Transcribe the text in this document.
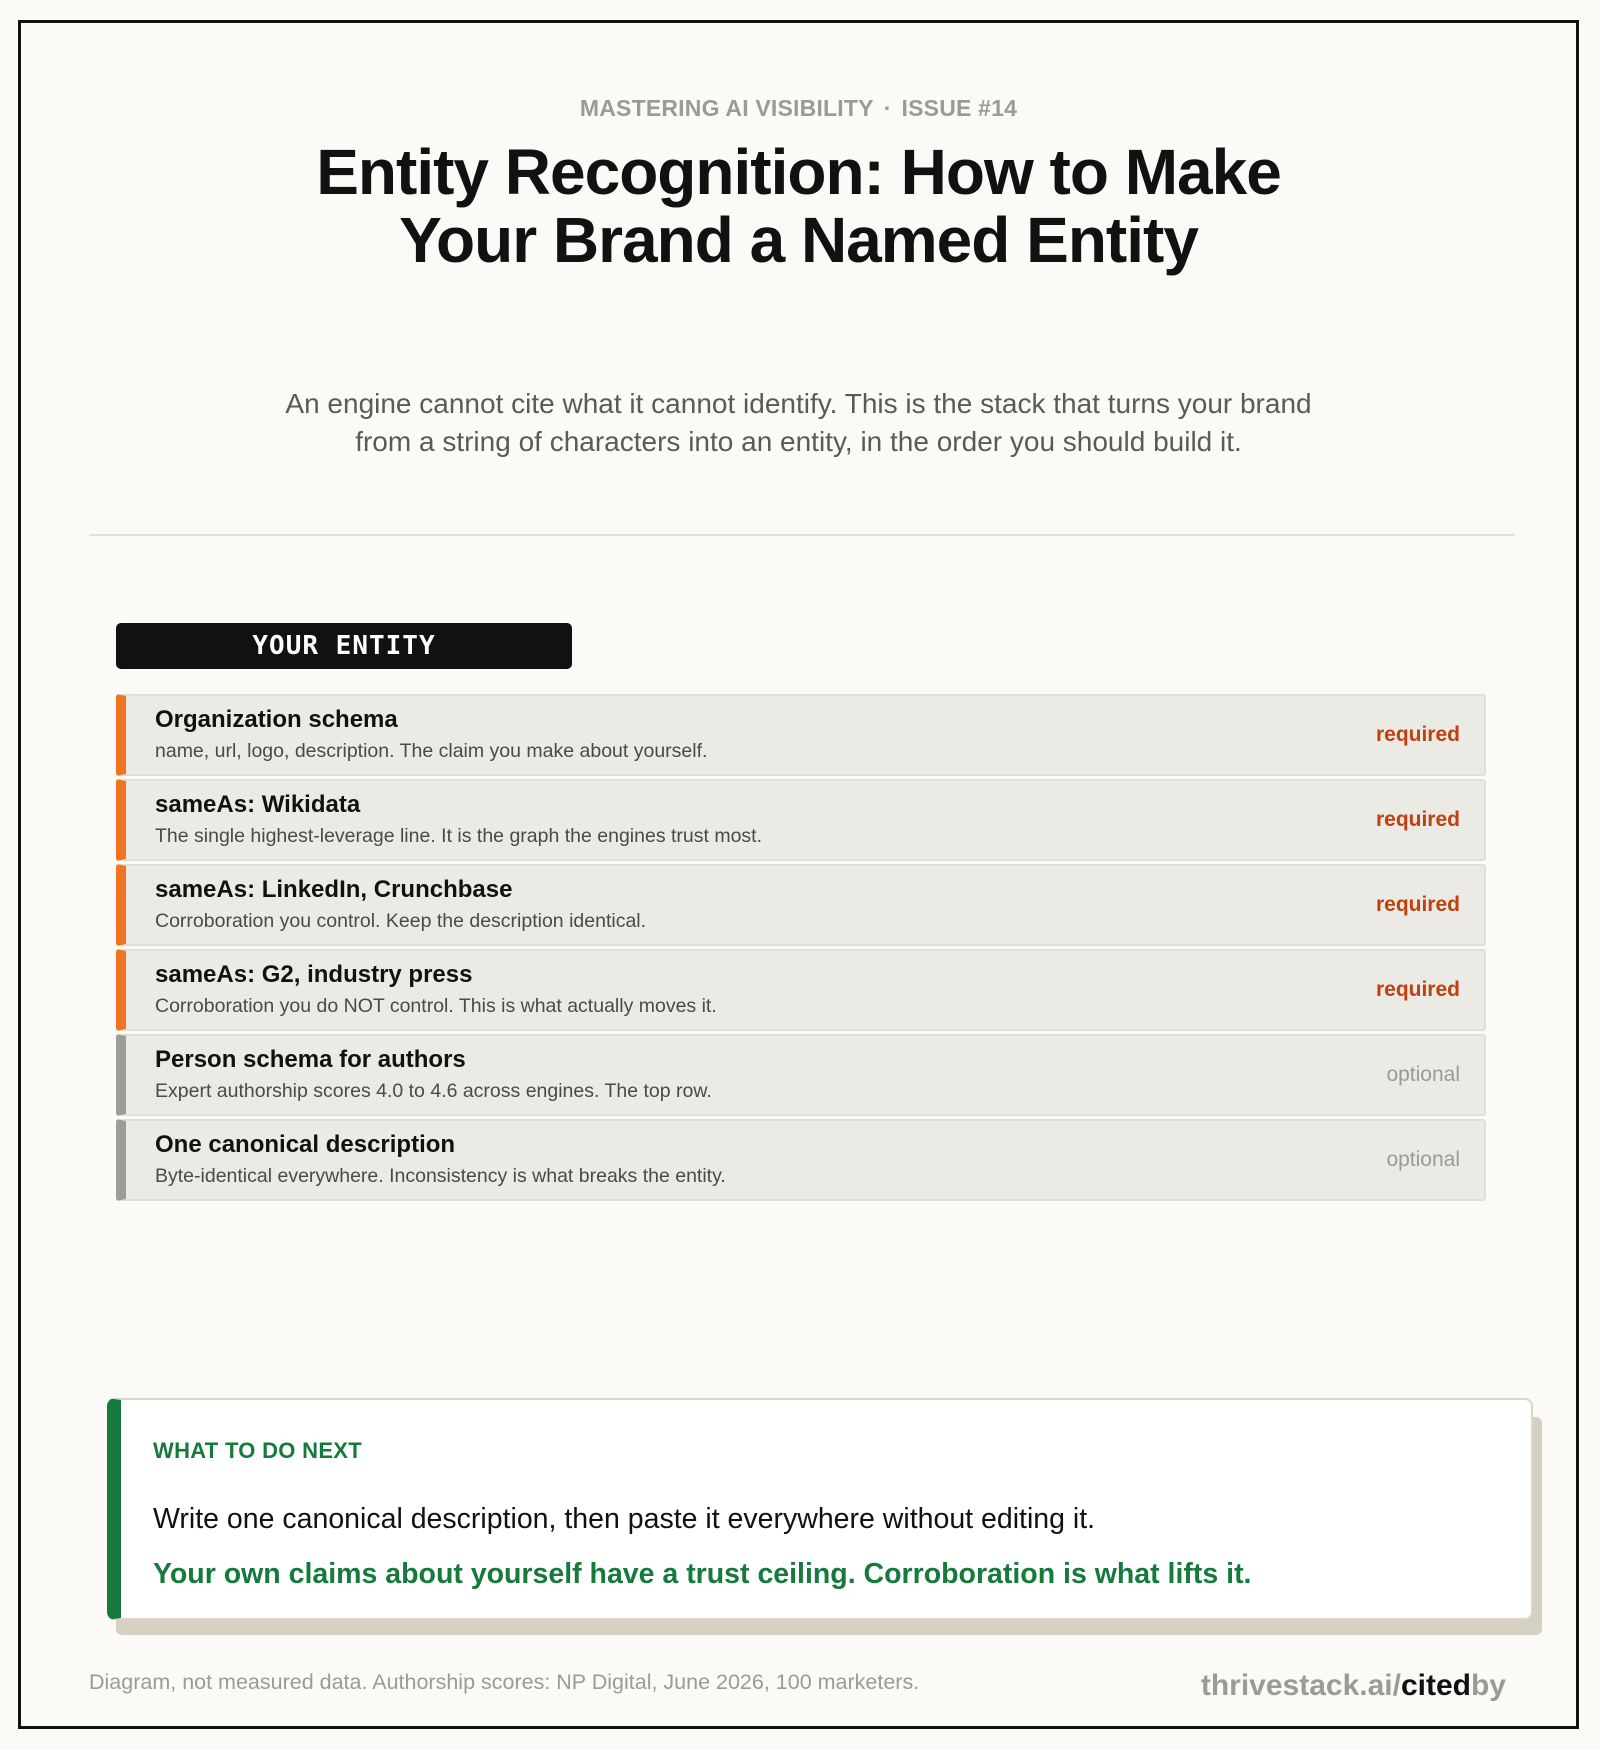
MASTERING AI VISIBILITY · ISSUE #14
Entity Recognition: How to Make
Your Brand a Named Entity
An engine cannot cite what it cannot identify. This is the stack that turns your brand
from a string of characters into an entity, in the order you should build it.
YOUR ENTITY
Organization schema
name, url, logo, description. The claim you make about yourself.
required
sameAs: Wikidata
The single highest-leverage line. It is the graph the engines trust most.
required
sameAs: LinkedIn, Crunchbase
Corroboration you control. Keep the description identical.
required
sameAs: G2, industry press
Corroboration you do NOT control. This is what actually moves it.
required
Person schema for authors
Expert authorship scores 4.0 to 4.6 across engines. The top row.
optional
One canonical description
Byte-identical everywhere. Inconsistency is what breaks the entity.
optional
WHAT TO DO NEXT
Write one canonical description, then paste it everywhere without editing it.
Your own claims about yourself have a trust ceiling. Corroboration is what lifts it.
Diagram, not measured data. Authorship scores: NP Digital, June 2026, 100 marketers.	thrivestack.ai/citedby
